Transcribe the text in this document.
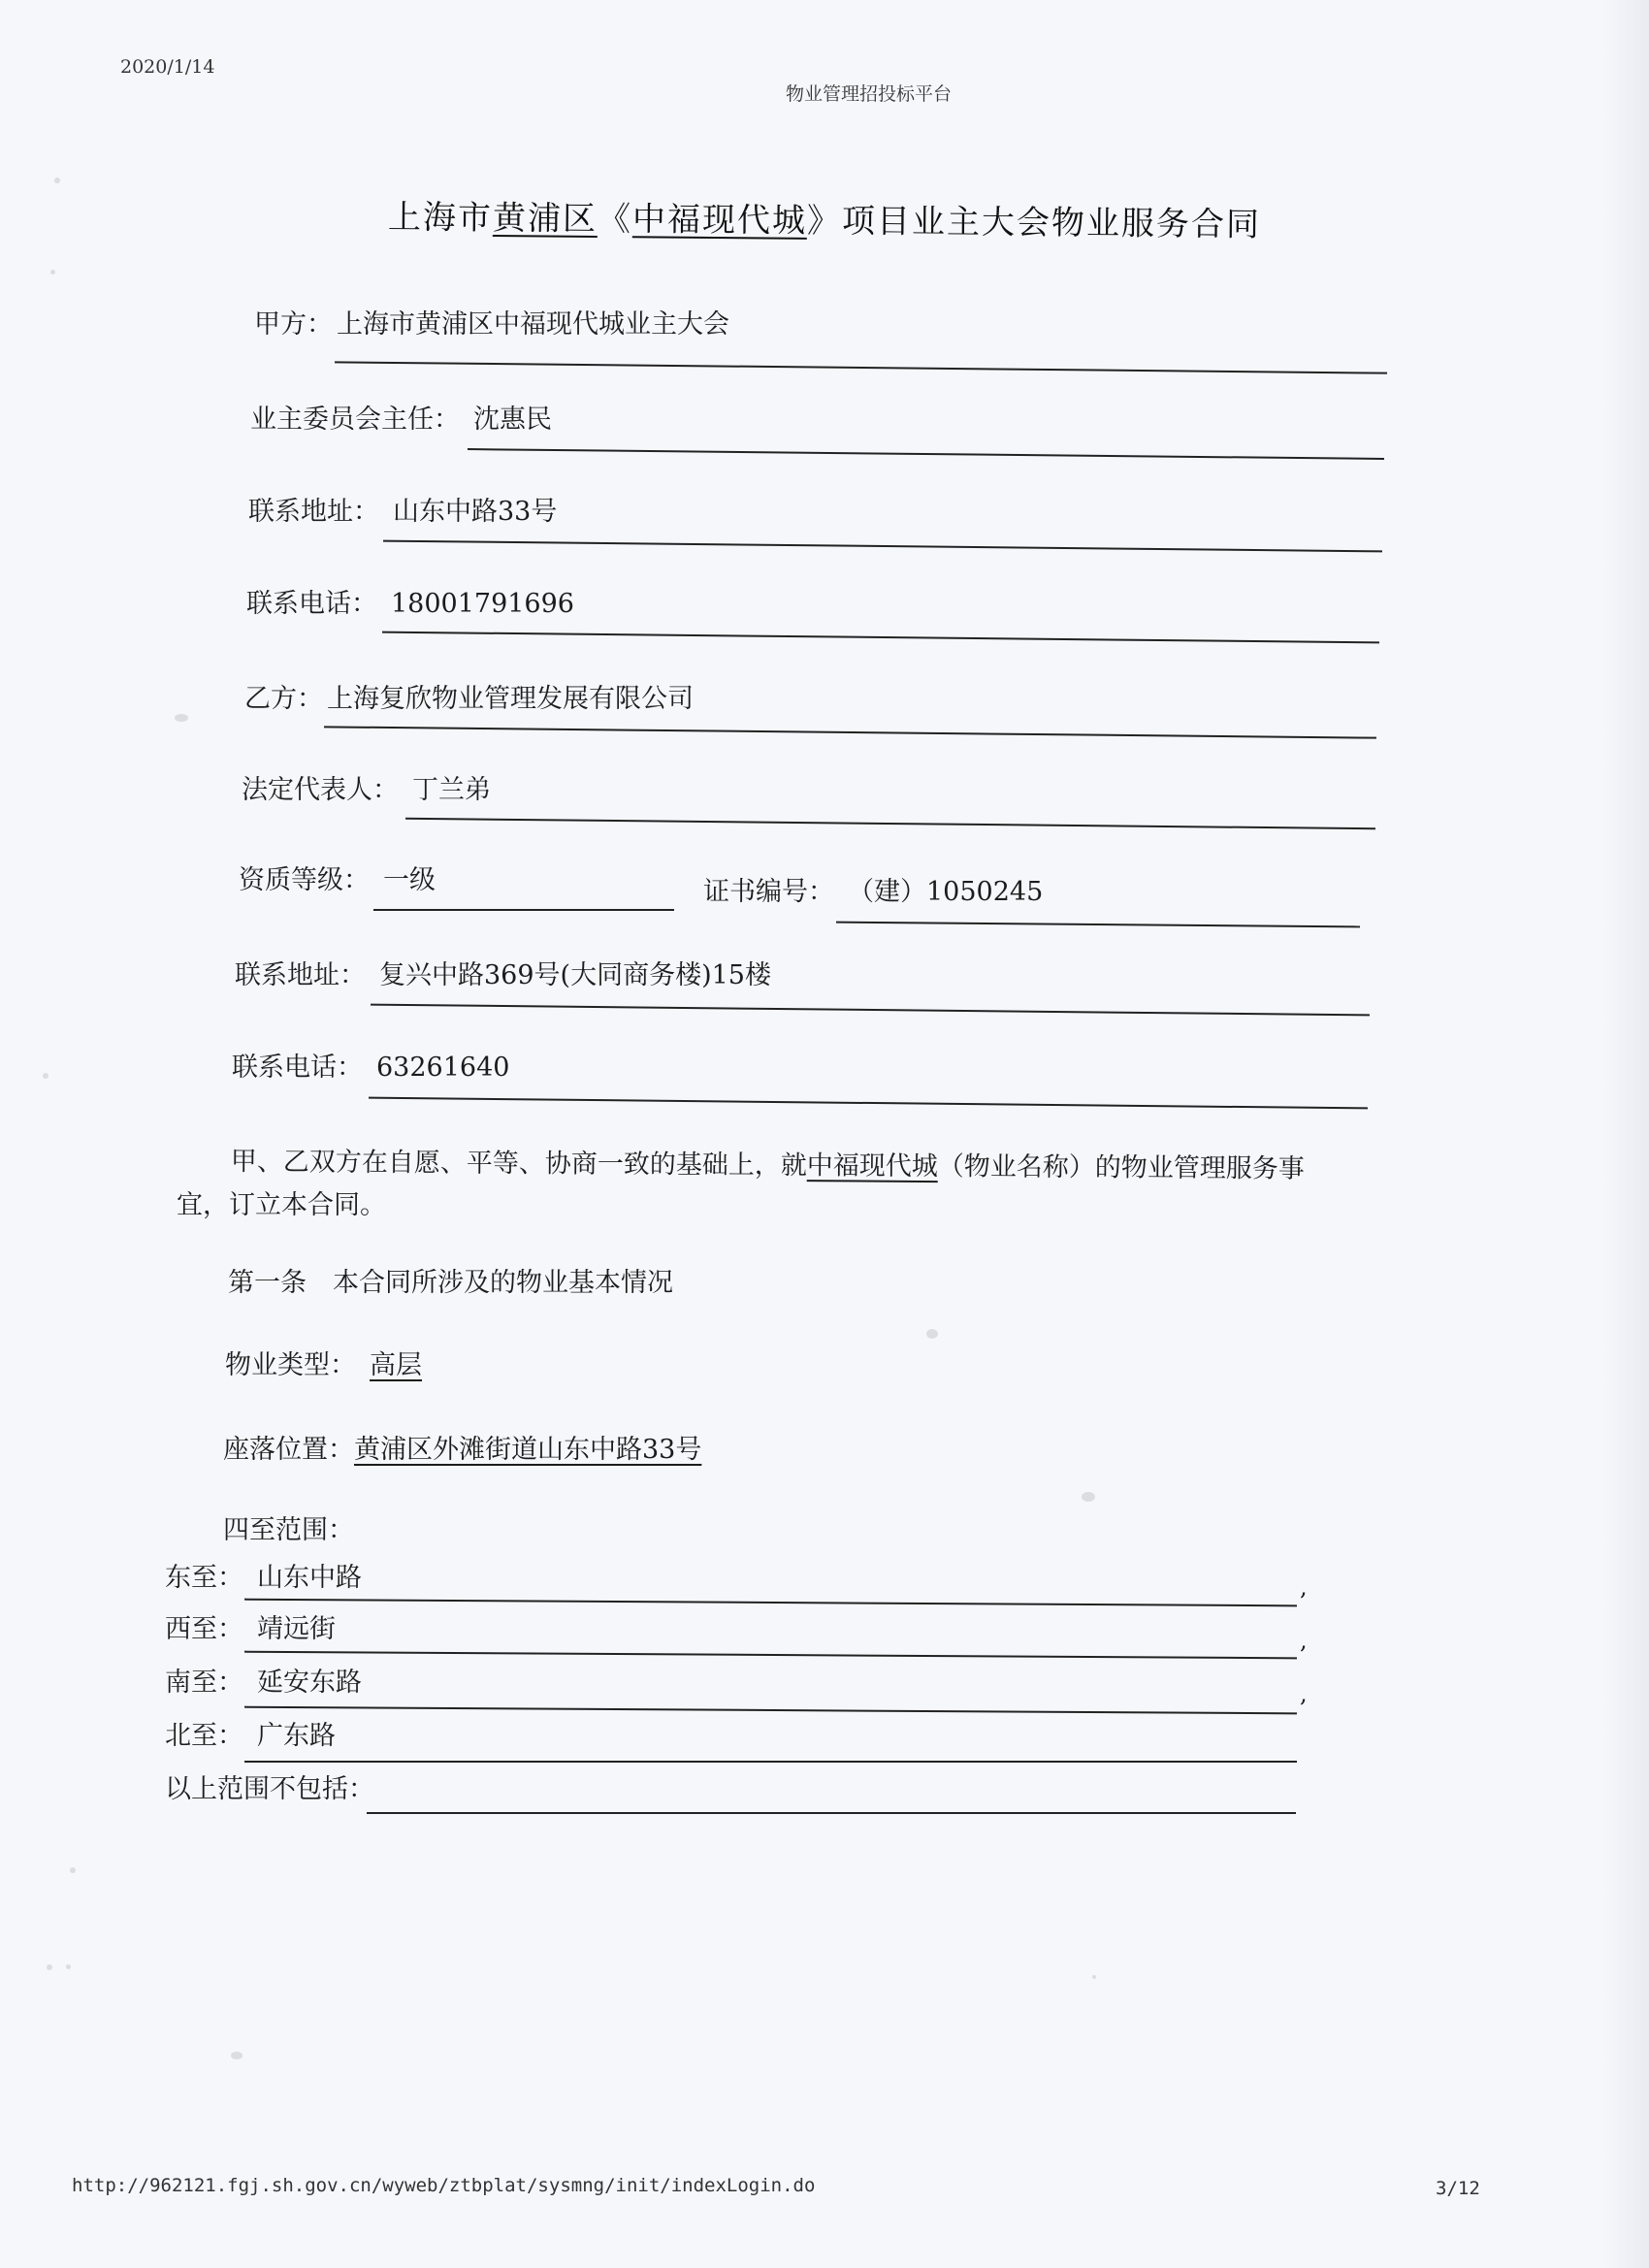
2020/1/14
物业管理招投标平台
上海市黄浦区《中福现代城》项目业主大会物业服务合同
甲方： 上海市黄浦区中福现代城业主大会
业主委员会主任： 沈惠民
联系地址： 山东中路33号
联系电话： 18001791696
乙方： 上海复欣物业管理发展有限公司
法定代表人： 丁兰弟
资质等级： 一级	证书编号： （建）1050245
联系地址： 复兴中路369号(大同商务楼)15楼
联系电话： 63261640
甲、乙双方在自愿、平等、协商一致的基础上，就中福现代城（物业名称）的物业管理服务事
宜，订立本合同。
第一条　本合同所涉及的物业基本情况
物业类型： 高层
座落位置：黄浦区外滩街道山东中路33号
四至范围：
东至： 山东中路	,
西至： 靖远街	,
南至： 延安东路	,
北至： 广东路
以上范围不包括：
http://962121.fgj.sh.gov.cn/wyweb/ztbplat/sysmng/init/indexLogin.do	3/12
